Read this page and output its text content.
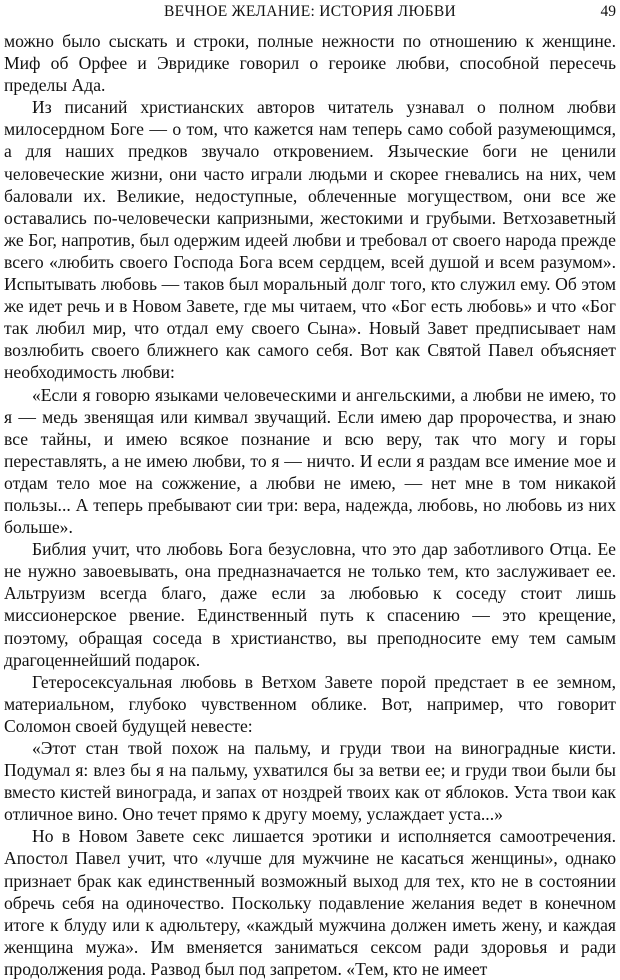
ВЕЧНОЕ ЖЕЛАНИЕ: ИСТОРИЯ ЛЮБВИ	49

можно было сыскать и строки, полные нежности по отношению к женщине. Миф об Орфее и Эвридике говорил о героике любви, способной пересечь пределы Ада.

Из писаний христианских авторов читатель узнавал о полном любви милосердном Боге — о том, что кажется нам теперь само собой разумеющимся, а для наших предков звучало откровением. Языческие боги не ценили человеческие жизни, они часто играли людьми и скорее гневались на них, чем баловали их. Великие, недоступные, облеченные могуществом, они все же оставались по-человечески капризными, жестокими и грубыми. Ветхозаветный же Бог, напротив, был одержим идеей любви и требовал от своего народа прежде всего «любить своего Господа Бога всем сердцем, всей душой и всем разумом». Испытывать любовь — таков был моральный долг того, кто служил ему. Об этом же идет речь и в Новом Завете, где мы читаем, что «Бог есть любовь» и что «Бог так любил мир, что отдал ему своего Сына». Новый Завет предписывает нам возлюбить своего ближнего как самого себя. Вот как Святой Павел объясняет необходимость любви:

«Если я говорю языками человеческими и ангельскими, а любви не имею, то я — медь звенящая или кимвал звучащий. Если имею дар пророчества, и знаю все тайны, и имею всякое познание и всю веру, так что могу и горы переставлять, а не имею любви, то я — ничто. И если я раздам все имение мое и отдам тело мое на сожжение, а любви не имею, — нет мне в том никакой пользы... А теперь пребывают сии три: вера, надежда, любовь, но любовь из них больше».

Библия учит, что любовь Бога безусловна, что это дар заботливого Отца. Ее не нужно завоевывать, она предназначается не только тем, кто заслуживает ее. Альтруизм всегда благо, даже если за любовью к соседу стоит лишь миссионерское рвение. Единственный путь к спасению — это крещение, поэтому, обращая соседа в христианство, вы преподносите ему тем самым драгоценнейший подарок.

Гетеросексуальная любовь в Ветхом Завете порой предстает в ее земном, материальном, глубоко чувственном облике. Вот, например, что говорит Соломон своей будущей невесте:

«Этот стан твой похож на пальму, и груди твои на виноградные кисти. Подумал я: влез бы я на пальму, ухватился бы за ветви ее; и груди твои были бы вместо кистей винограда, и запах от ноздрей твоих как от яблоков. Уста твои как отличное вино. Оно течет прямо к другу моему, услаждает уста...»

Но в Новом Завете секс лишается эротики и исполняется самоотречения. Апостол Павел учит, что «лучше для мужчине не касаться женщины», однако признает брак как единственный возможный выход для тех, кто не в состоянии обречь себя на одиночество. Поскольку подавление желания ведет в конечном итоге к блуду или к адюльтеру, «каждый мужчина должен иметь жену, и каждая женщина мужа». Им вменяется заниматься сексом ради здоровья и ради продолжения рода. Развод был под запретом. «Тем, кто не имеет
